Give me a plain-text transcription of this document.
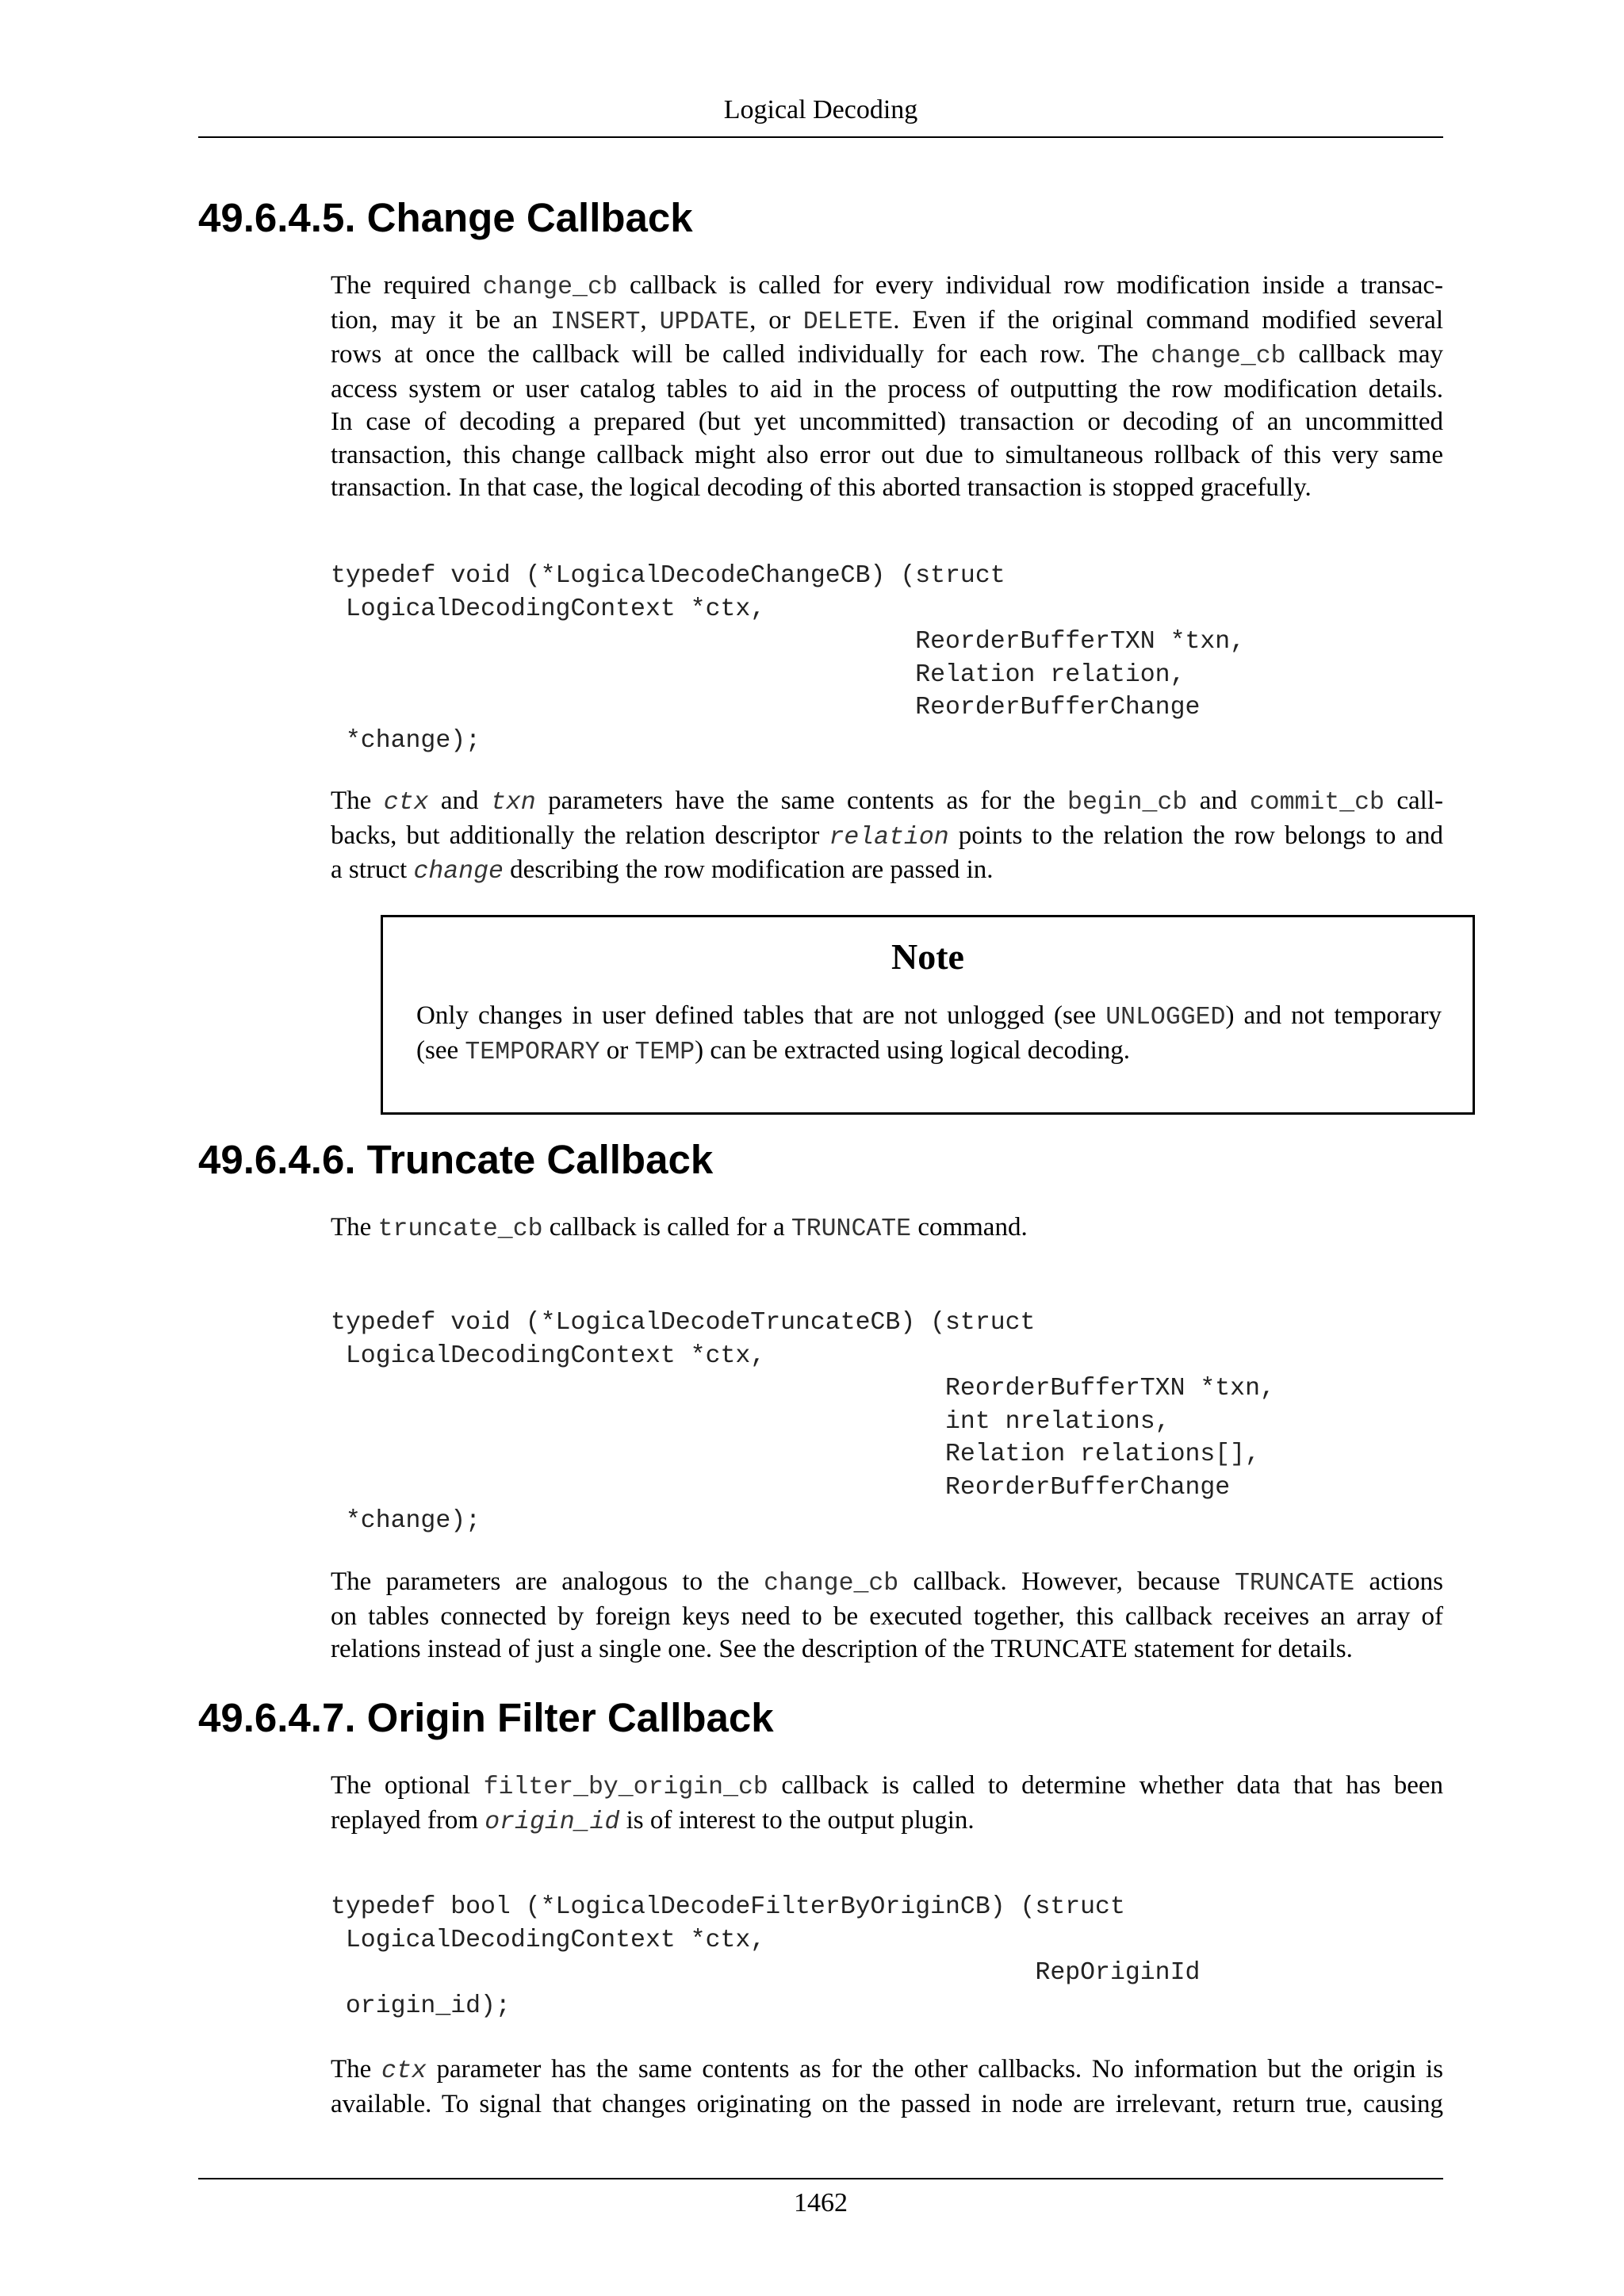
Logical Decoding
49.6.4.5. Change Callback
The required change_cb callback is called for every individual row modification inside a transac-
tion, may it be an INSERT, UPDATE, or DELETE. Even if the original command modified several
rows at once the callback will be called individually for each row. The change_cb callback may
access system or user catalog tables to aid in the process of outputting the row modification details.
In case of decoding a prepared (but yet uncommitted) transaction or decoding of an uncommitted
transaction, this change callback might also error out due to simultaneous rollback of this very same
transaction. In that case, the logical decoding of this aborted transaction is stopped gracefully.
typedef void (*LogicalDecodeChangeCB) (struct
LogicalDecodingContext *ctx,
ReorderBufferTXN *txn,
Relation relation,
ReorderBufferChange
*change);
The ctx and txn parameters have the same contents as for the begin_cb and commit_cb call-
backs, but additionally the relation descriptor relation points to the relation the row belongs to and
a struct change describing the row modification are passed in.
Note
Only changes in user defined tables that are not unlogged (see UNLOGGED) and not temporary
(see TEMPORARY or TEMP) can be extracted using logical decoding.
49.6.4.6. Truncate Callback
The truncate_cb callback is called for a TRUNCATE command.
typedef void (*LogicalDecodeTruncateCB) (struct
LogicalDecodingContext *ctx,
ReorderBufferTXN *txn,
int nrelations,
Relation relations[],
ReorderBufferChange
*change);
The parameters are analogous to the change_cb callback. However, because TRUNCATE actions
on tables connected by foreign keys need to be executed together, this callback receives an array of
relations instead of just a single one. See the description of the TRUNCATE statement for details.
49.6.4.7. Origin Filter Callback
The optional filter_by_origin_cb callback is called to determine whether data that has been
replayed from origin_id is of interest to the output plugin.
typedef bool (*LogicalDecodeFilterByOriginCB) (struct
LogicalDecodingContext *ctx,
RepOriginId
origin_id);
The ctx parameter has the same contents as for the other callbacks. No information but the origin is
available. To signal that changes originating on the passed in node are irrelevant, return true, causing
1462
